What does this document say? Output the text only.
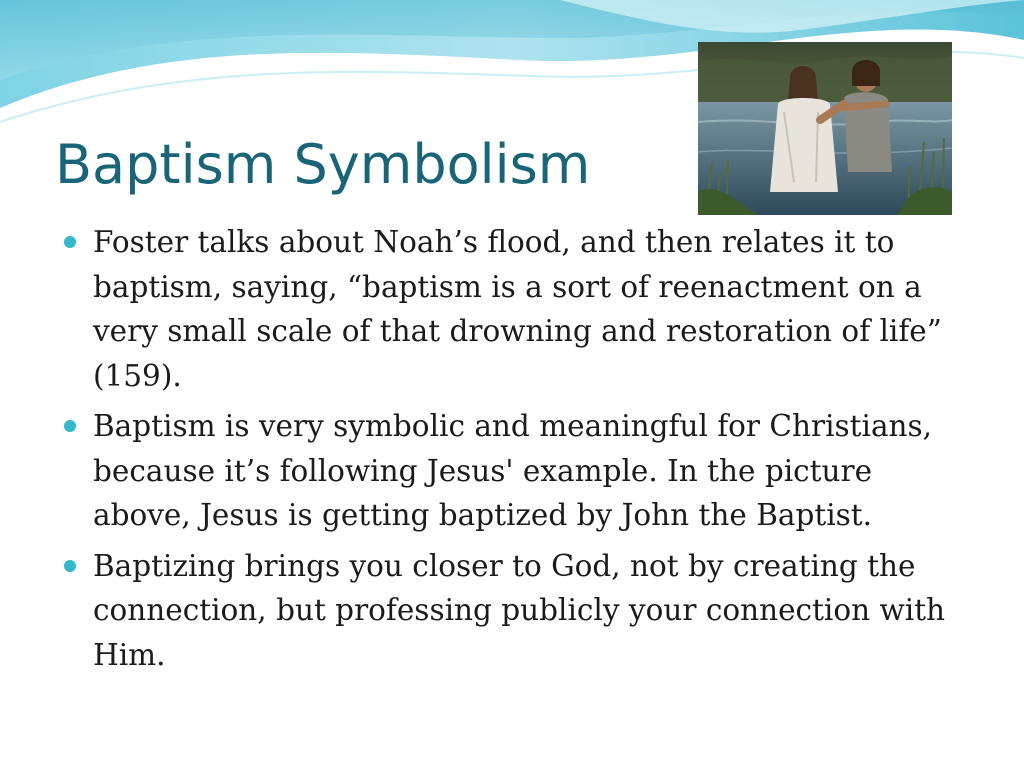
Baptism Symbolism
Foster talks about Noah’s flood, and then relates it to baptism, saying, “baptism is a sort of reenactment on a very small scale of that drowning and restoration of life” (159).
Baptism is very symbolic and meaningful for Christians, because it’s following Jesus' example. In the picture above, Jesus is getting baptized by John the Baptist.
Baptizing brings you closer to God, not by creating the connection, but professing publicly your connection with Him.
